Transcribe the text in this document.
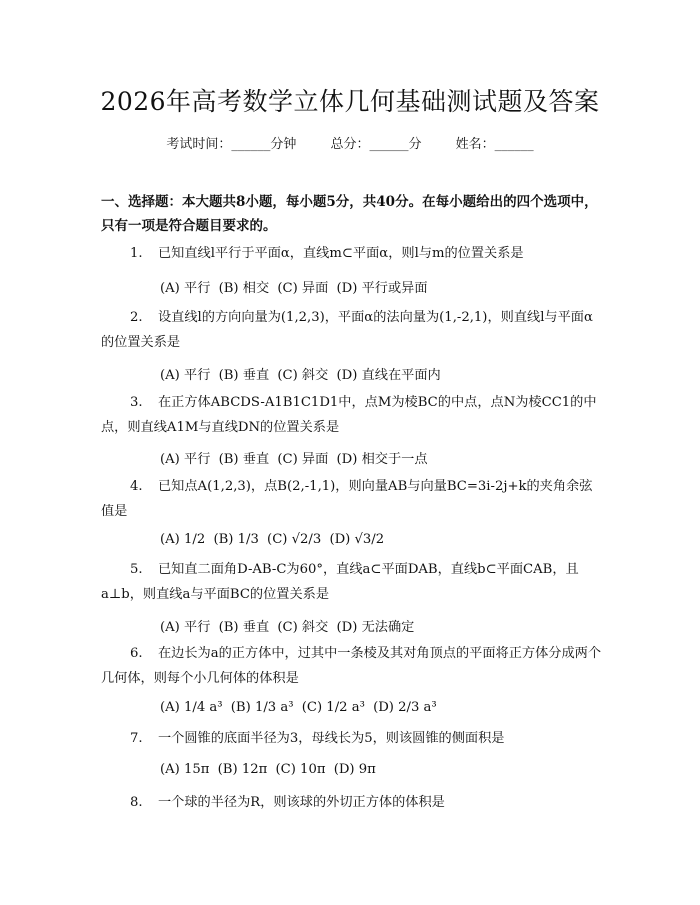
2026年高考数学立体几何基础测试题及答案
考试时间：______分钟	总分：______分	姓名：______

一、选择题：本大题共8小题，每小题5分，共40分。在每小题给出的四个选项中，只有一项是符合题目要求的。

1. 已知直线l平行于平面α，直线m⊂平面α，则l与m的位置关系是

(A) 平行 (B) 相交 (C) 异面 (D) 平行或异面

2. 设直线l的方向向量为(1,2,3)，平面α的法向量为(1,-2,1)，则直线l与平面α的位置关系是

(A) 平行 (B) 垂直 (C) 斜交 (D) 直线在平面内

3. 在正方体ABCDS-A1B1C1D1中，点M为棱BC的中点，点N为棱CC1的中点，则直线A1M与直线DN的位置关系是

(A) 平行 (B) 垂直 (C) 异面 (D) 相交于一点

4. 已知点A(1,2,3)，点B(2,-1,1)，则向量AB与向量BC=3i-2j+k的夹角余弦值是

(A) 1/2 (B) 1/3 (C) √2/3 (D) √3/2

5. 已知直二面角D-AB-C为60°，直线a⊂平面DAB，直线b⊂平面CAB，且a⊥b，则直线a与平面BC的位置关系是

(A) 平行 (B) 垂直 (C) 斜交 (D) 无法确定

6. 在边长为a的正方体中，过其中一条棱及其对角顶点的平面将正方体分成两个几何体，则每个小几何体的体积是

(A) 1/4 a³ (B) 1/3 a³ (C) 1/2 a³ (D) 2/3 a³

7. 一个圆锥的底面半径为3，母线长为5，则该圆锥的侧面积是

(A) 15π (B) 12π (C) 10π (D) 9π

8. 一个球的半径为R，则该球的外切正方体的体积是
